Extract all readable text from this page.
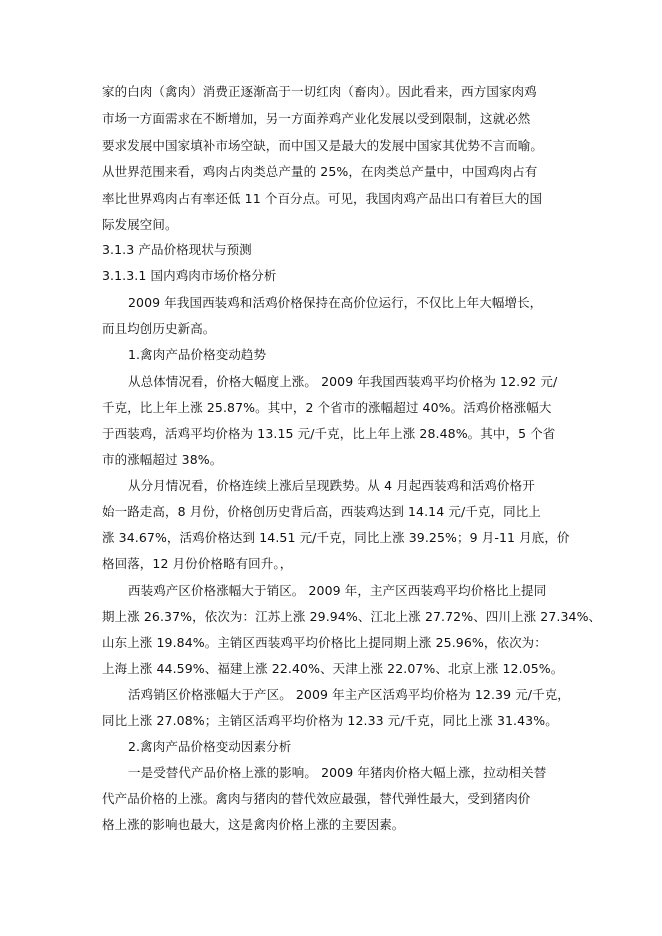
家的白肉（禽肉）消费正逐渐高于一切红肉（畜肉）。因此看来，西方国家肉鸡
市场一方面需求在不断增加，另一方面养鸡产业化发展以受到限制，这就必然
要求发展中国家填补市场空缺，而中国又是最大的发展中国家其优势不言而喻。
从世界范围来看，鸡肉占肉类总产量的 25%，在肉类总产量中，中国鸡肉占有
率比世界鸡肉占有率还低 11 个百分点。可见，我国肉鸡产品出口有着巨大的国
际发展空间。
3.1.3 产品价格现状与预测
3.1.3.1 国内鸡肉市场价格分析
2009 年我国西装鸡和活鸡价格保持在高价位运行，不仅比上年大幅增长，
而且均创历史新高。
1.禽肉产品价格变动趋势
从总体情况看，价格大幅度上涨。 2009 年我国西装鸡平均价格为 12.92 元/
千克，比上年上涨 25.87%。其中，2 个省市的涨幅超过 40%。活鸡价格涨幅大
于西装鸡，活鸡平均价格为 13.15 元/千克，比上年上涨 28.48%。其中，5 个省
市的涨幅超过 38%。
从分月情况看，价格连续上涨后呈现跌势。从 4 月起西装鸡和活鸡价格开
始一路走高，8 月份，价格创历史背后高，西装鸡达到 14.14 元/千克，同比上
涨 34.67%，活鸡价格达到 14.51 元/千克，同比上涨 39.25%；9 月-11 月底，价
格回落，12 月份价格略有回升。，
西装鸡产区价格涨幅大于销区。 2009 年，主产区西装鸡平均价格比上提同
期上涨 26.37%，依次为：江苏上涨 29.94%、江北上涨 27.72%、四川上涨 27.34%、
山东上涨 19.84%。主销区西装鸡平均价格比上提同期上涨 25.96%，依次为：
上海上涨 44.59%、福建上涨 22.40%、天津上涨 22.07%、北京上涨 12.05%。
活鸡销区价格涨幅大于产区。 2009 年主产区活鸡平均价格为 12.39 元/千克，
同比上涨 27.08%；主销区活鸡平均价格为 12.33 元/千克，同比上涨 31.43%。
2.禽肉产品价格变动因素分析
一是受替代产品价格上涨的影响。 2009 年猪肉价格大幅上涨，拉动相关替
代产品价格的上涨。禽肉与猪肉的替代效应最强，替代弹性最大，受到猪肉价
格上涨的影响也最大，这是禽肉价格上涨的主要因素。
